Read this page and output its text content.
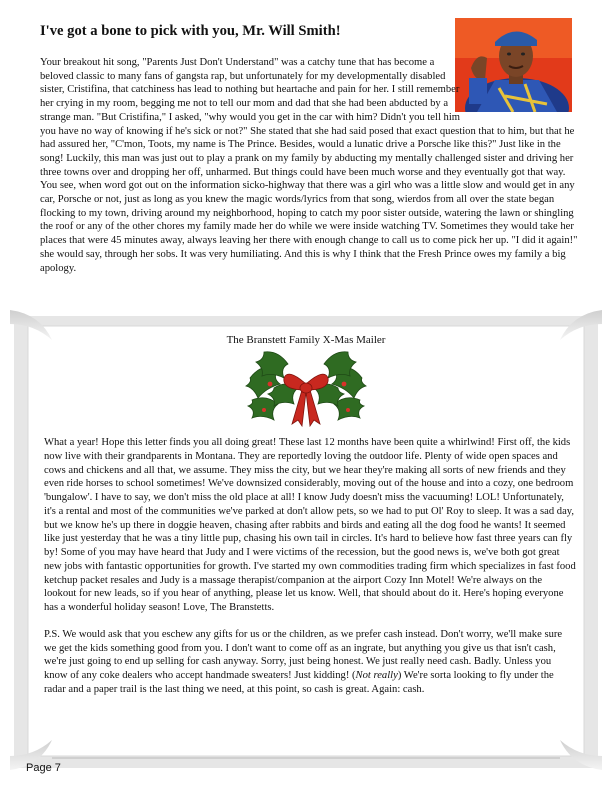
I've got a bone to pick with you, Mr. Will Smith!

Your breakout hit song, "Parents Just Don't Understand" was a catchy tune that has become a beloved classic to many fans of gangsta rap, but unfortunately for my developmentally disabled sister, Cristifina, that catchiness has lead to nothing but heartache and pain for her. I still remember her crying in my room, begging me not to tell our mom and dad that she had been abducted by a strange man. "But Cristifina," I asked, "why would you get in the car with him? Didn't you tell him you have no way of knowing if he's sick or not?" She stated that she had said posed that exact question that to him, but that he had assured her, "C'mon, Toots, my name is The Prince. Besides, would a lunatic drive a Porsche like this?" Just like in the song! Luckily, this man was just out to play a prank on my family by abducting my mentally challenged sister and driving her three towns over and dropping her off, unharmed. But things could have been much worse and they eventually got that way. You see, when word got out on the information sicko-highway that there was a girl who was a little slow and would get in any car, Porsche or not, just as long as you knew the magic words/lyrics from that song, wierdos from all over the state began flocking to my town, driving around my neighborhood, hoping to catch my poor sister outside, watering the lawn or shingling the roof or any of the other chores my family made her do while we were inside watching TV. Sometimes they would take her places that were 45 minutes away, always leaving her there with enough change to call us to come pick her up. "I did it again!" she would say, through her sobs. It was very humiliating. And this is why I think that the Fresh Prince owes my family a big apology.

The Branstett Family X-Mas Mailer

What a year! Hope this letter finds you all doing great! These last 12 months have been quite a whirlwind! First off, the kids now live with their grandparents in Montana. They are reportedly loving the outdoor life. Plenty of wide open spaces and cows and chickens and all that, we assume. They miss the city, but we hear they're making all sorts of new friends and they even ride horses to school sometimes! We've downsized considerably, moving out of the house and into a cozy, one bedroom 'bungalow'. I have to say, we don't miss the old place at all! I know Judy doesn't miss the vacuuming! LOL! Unfortunately, it's a rental and most of the communities we've parked at don't allow pets, so we had to put Ol' Roy to sleep. It was a sad day, but we know he's up there in doggie heaven, chasing after rabbits and birds and eating all the dog food he wants! It seemed like just yesterday that he was a tiny little pup, chasing his own tail in circles. It's hard to believe how fast three years can fly by! Some of you may have heard that Judy and I were victims of the recession, but the good news is, we've both got great new jobs with fantastic opportunities for growth. I've started my own commodities trading firm which specializes in fast food ketchup packet resales and Judy is a massage therapist/companion at the airport Cozy Inn Motel! We're always on the lookout for new leads, so if you hear of anything, please let us know. Well, that should about do it. Here's hoping everyone has a wonderful holiday season! Love, The Branstetts.

P.S. We would ask that you eschew any gifts for us or the children, as we prefer cash instead. Don't worry, we'll make sure we get the kids something good from you. I don't want to come off as an ingrate, but anything you give us that isn't cash, we're just going to end up selling for cash anyway. Sorry, just being honest. We just really need cash. Badly. Unless you know of any coke dealers who accept handmade sweaters! Just kidding! (Not really) We're sorta looking to fly under the radar and a paper trail is the last thing we need, at this point, so cash is great. Again: cash.

Page 7
